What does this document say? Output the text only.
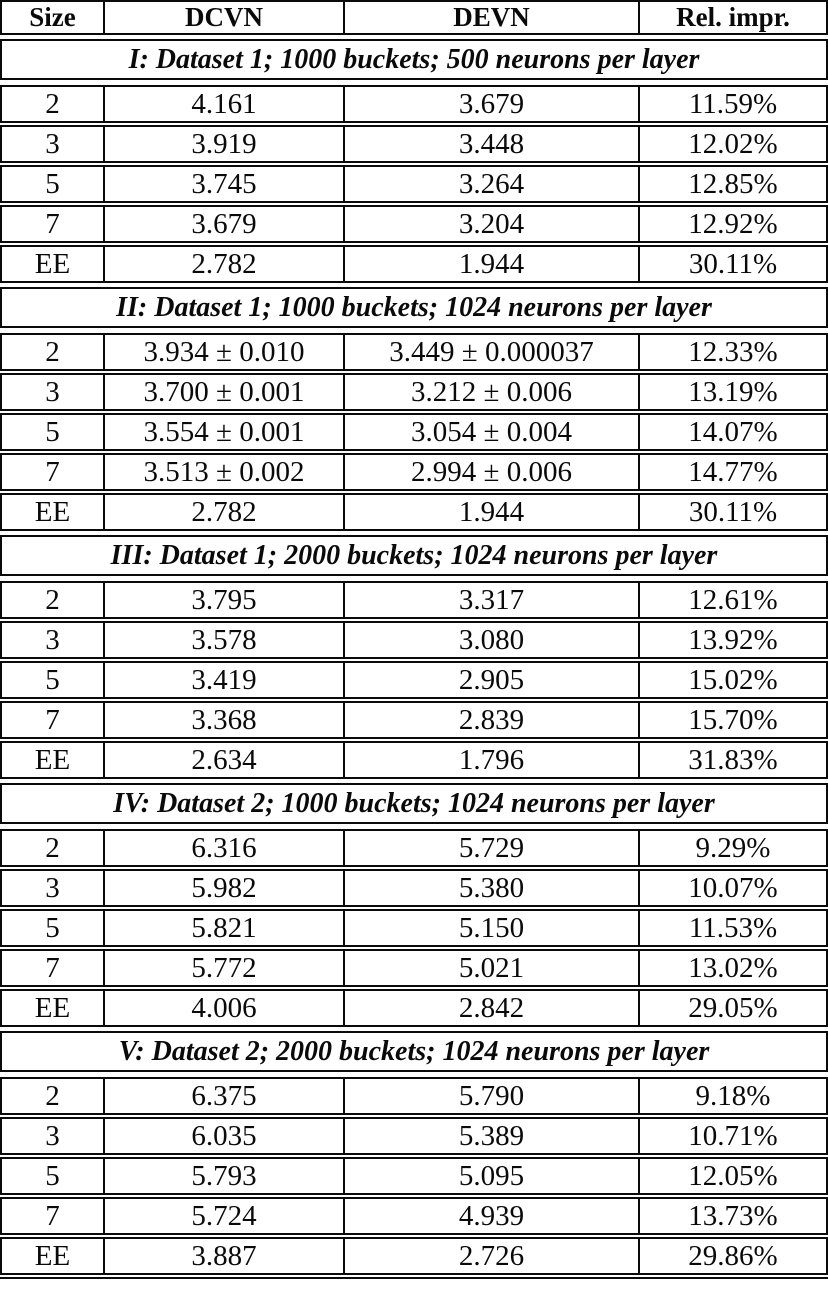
Size	DCVN	DEVN	Rel. impr.
I: Dataset 1; 1000 buckets; 500 neurons per layer
2	4.161	3.679	11.59%
3	3.919	3.448	12.02%
5	3.745	3.264	12.85%
7	3.679	3.204	12.92%
EE	2.782	1.944	30.11%
II: Dataset 1; 1000 buckets; 1024 neurons per layer
2	3.934 ± 0.010	3.449 ± 0.000037	12.33%
3	3.700 ± 0.001	3.212 ± 0.006	13.19%
5	3.554 ± 0.001	3.054 ± 0.004	14.07%
7	3.513 ± 0.002	2.994 ± 0.006	14.77%
EE	2.782	1.944	30.11%
III: Dataset 1; 2000 buckets; 1024 neurons per layer
2	3.795	3.317	12.61%
3	3.578	3.080	13.92%
5	3.419	2.905	15.02%
7	3.368	2.839	15.70%
EE	2.634	1.796	31.83%
IV: Dataset 2; 1000 buckets; 1024 neurons per layer
2	6.316	5.729	9.29%
3	5.982	5.380	10.07%
5	5.821	5.150	11.53%
7	5.772	5.021	13.02%
EE	4.006	2.842	29.05%
V: Dataset 2; 2000 buckets; 1024 neurons per layer
2	6.375	5.790	9.18%
3	6.035	5.389	10.71%
5	5.793	5.095	12.05%
7	5.724	4.939	13.73%
EE	3.887	2.726	29.86%
